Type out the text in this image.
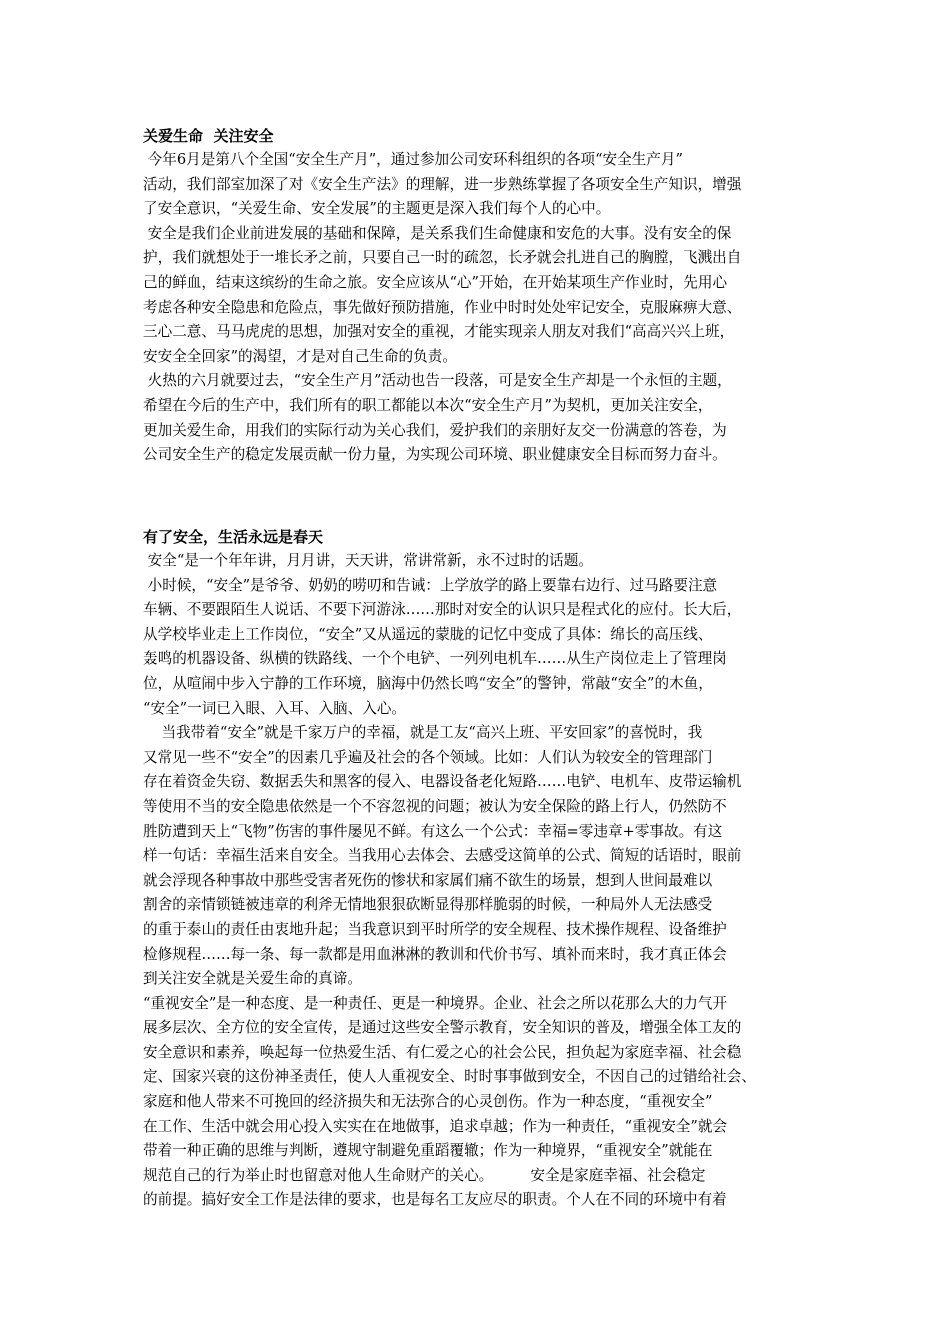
关爱生命  关注安全

今年6月是第八个全国“安全生产月”，通过参加公司安环科组织的各项“安全生产月”

活动，我们部室加深了对《安全生产法》的理解，进一步熟练掌握了各项安全生产知识，增强

了安全意识，“关爱生命、安全发展”的主题更是深入我们每个人的心中。

安全是我们企业前进发展的基础和保障，是关系我们生命健康和安危的大事。没有安全的保

护，我们就想处于一堆长矛之前，只要自己一时的疏忽，长矛就会扎进自己的胸膛，飞溅出自

己的鲜血，结束这缤纷的生命之旅。安全应该从“心”开始，在开始某项生产作业时，先用心

考虑各种安全隐患和危险点，事先做好预防措施，作业中时时处处牢记安全，克服麻痹大意、

三心二意、马马虎虎的思想，加强对安全的重视，才能实现亲人朋友对我们“高高兴兴上班，

安安全全回家”的渴望，才是对自己生命的负责。

火热的六月就要过去，“安全生产月”活动也告一段落，可是安全生产却是一个永恒的主题，

希望在今后的生产中，我们所有的职工都能以本次“安全生产月”为契机，更加关注安全，

更加关爱生命，用我们的实际行动为关心我们，爱护我们的亲朋好友交一份满意的答卷，为

公司安全生产的稳定发展贡献一份力量，为实现公司环境、职业健康安全目标而努力奋斗。

有了安全，生活永远是春天

安全“是一个年年讲，月月讲，天天讲，常讲常新，永不过时的话题。

小时候，“安全”是爷爷、奶奶的唠叨和告诫：上学放学的路上要靠右边行、过马路要注意

车辆、不要跟陌生人说话、不要下河游泳……那时对安全的认识只是程式化的应付。长大后，

从学校毕业走上工作岗位，“安全”又从遥远的蒙胧的记忆中变成了具体：绵长的高压线、

轰鸣的机器设备、纵横的铁路线、一个个电铲、一列列电机车……从生产岗位走上了管理岗

位，从喧闹中步入宁静的工作环境，脑海中仍然长鸣“安全”的警钟，常敲“安全”的木鱼，

“安全”一词已入眼、入耳、入脑、入心。

当我带着“安全”就是千家万户的幸福，就是工友“高兴上班、平安回家”的喜悦时，我

又常见一些不“安全”的因素几乎遍及社会的各个领域。比如：人们认为较安全的管理部门

存在着资金失窃、数据丢失和黑客的侵入、电器设备老化短路……电铲、电机车、皮带运输机

等使用不当的安全隐患依然是一个不容忽视的问题；被认为安全保险的路上行人，仍然防不

胜防遭到天上“飞物”伤害的事件屡见不鲜。有这么一个公式：幸福=零违章+零事故。有这

样一句话：幸福生活来自安全。当我用心去体会、去感受这简单的公式、简短的话语时，眼前

就会浮现各种事故中那些受害者死伤的惨状和家属们痛不欲生的场景，想到人世间最难以

割舍的亲情锁链被违章的利斧无情地狠狠砍断显得那样脆弱的时候，一种局外人无法感受

的重于泰山的责任由衷地升起；当我意识到平时所学的安全规程、技术操作规程、设备维护

检修规程……每一条、每一款都是用血淋淋的教训和代价书写、填补而来时，我才真正体会

到关注安全就是关爱生命的真谛。

“重视安全”是一种态度、是一种责任、更是一种境界。企业、社会之所以花那么大的力气开

展多层次、全方位的安全宣传，是通过这些安全警示教育，安全知识的普及，增强全体工友的

安全意识和素养，唤起每一位热爱生活、有仁爱之心的社会公民，担负起为家庭幸福、社会稳

定、国家兴衰的这份神圣责任，使人人重视安全、时时事事做到安全，不因自己的过错给社会、

家庭和他人带来不可挽回的经济损失和无法弥合的心灵创伤。作为一种态度，“重视安全”

在工作、生活中就会用心投入实实在在地做事，追求卓越；作为一种责任，“重视安全”就会

带着一种正确的思维与判断，遵规守制避免重蹈覆辙；作为一种境界，“重视安全”就能在

规范自己的行为举止时也留意对他人生命财产的关心。        安全是家庭幸福、社会稳定

的前提。搞好安全工作是法律的要求，也是每名工友应尽的职责。个人在不同的环境中有着
